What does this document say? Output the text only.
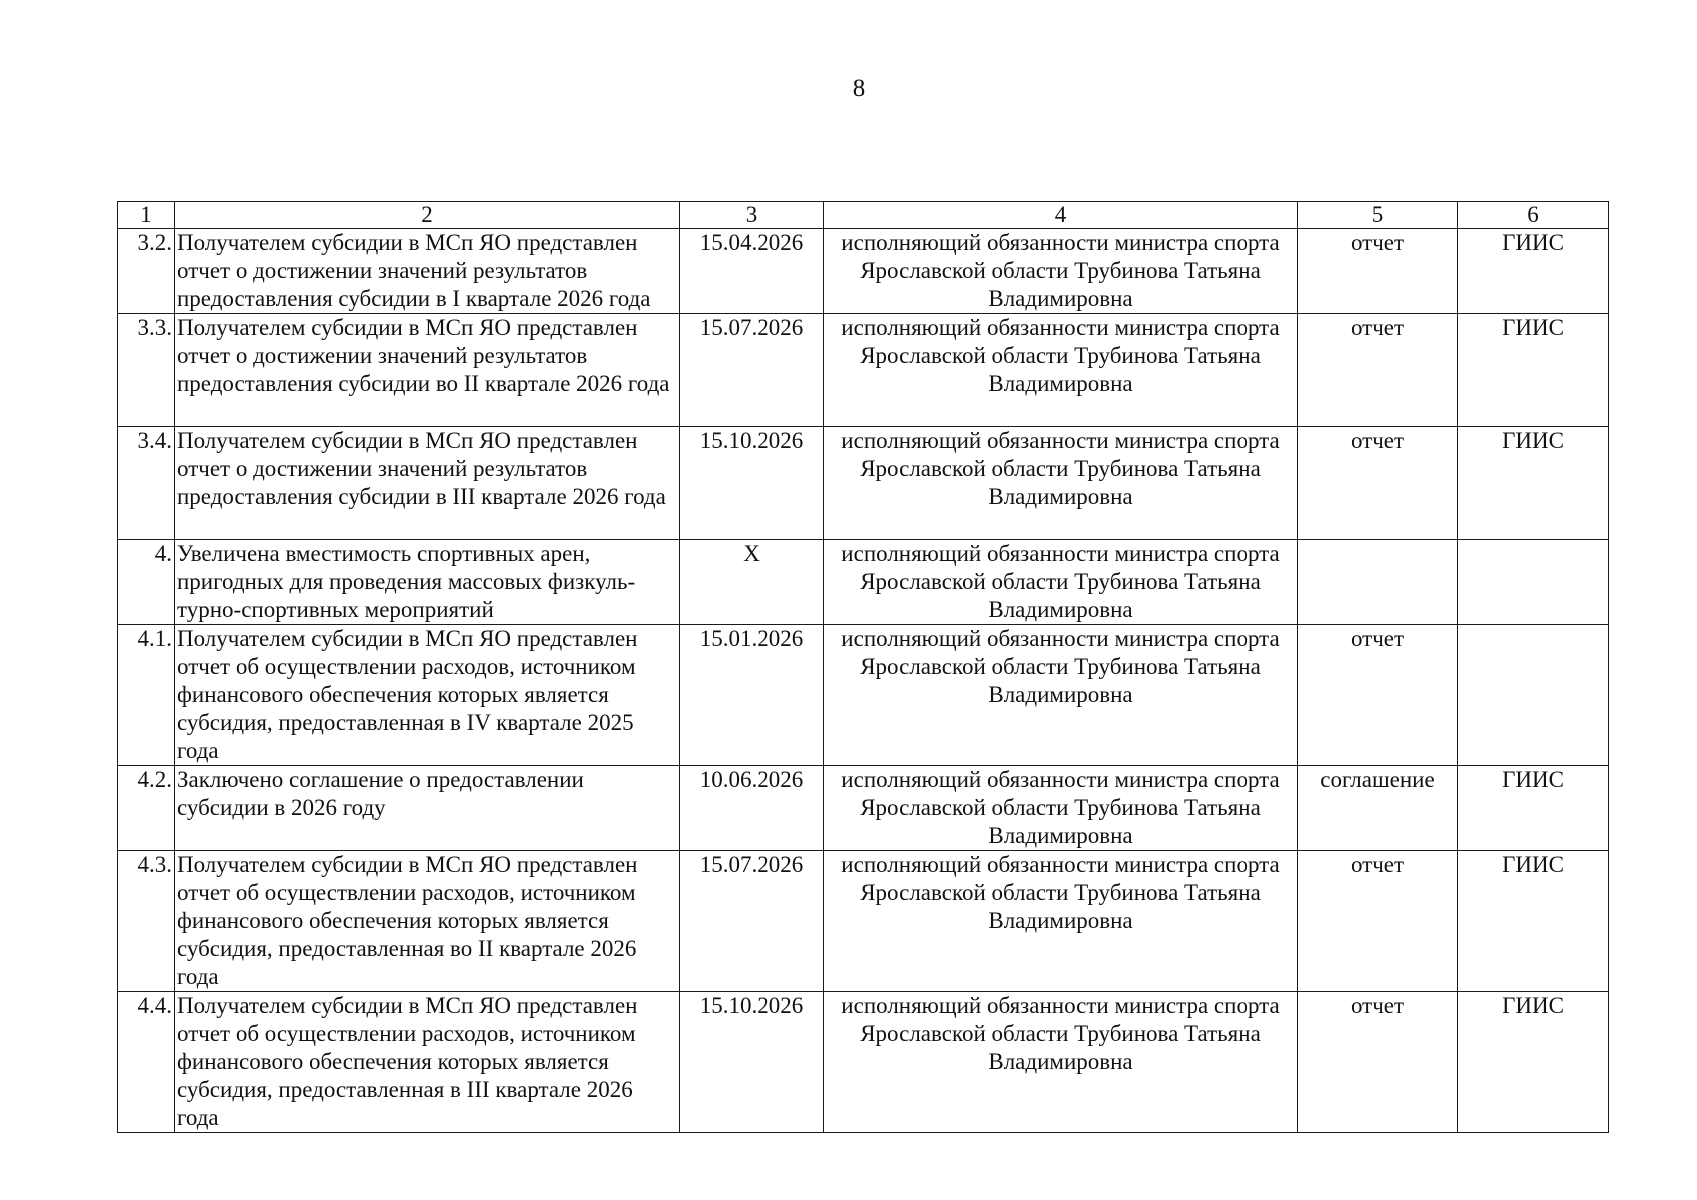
8
1	2	3	4	5	6
3.2.	Получателем субсидии в МСп ЯО представлен отчет о достижении значений результатов предоставления субсидии в I квартале 2026 года	15.04.2026	исполняющий обязанности министра спорта Ярославской области Трубинова Татьяна Владимировна	отчет	ГИИС
3.3.	Получателем субсидии в МСп ЯО представлен отчет о достижении значений результатов предоставления субсидии во II квартале 2026 года	15.07.2026	исполняющий обязанности министра спорта Ярославской области Трубинова Татьяна Владимировна	отчет	ГИИС
3.4.	Получателем субсидии в МСп ЯО представлен отчет о достижении значений результатов предоставления субсидии в III квартале 2026 года	15.10.2026	исполняющий обязанности министра спорта Ярославской области Трубинова Татьяна Владимировна	отчет	ГИИС
4.	Увеличена вместимость спортивных арен, пригодных для проведения массовых физкуль-турно-спортивных мероприятий	Х	исполняющий обязанности министра спорта Ярославской области Трубинова Татьяна Владимировна		
4.1.	Получателем субсидии в МСп ЯО представлен отчет об осуществлении расходов, источником финансового обеспечения которых является субсидия, предоставленная в IV квартале 2025 года	15.01.2026	исполняющий обязанности министра спорта Ярославской области Трубинова Татьяна Владимировна	отчет	
4.2.	Заключено соглашение о предоставлении субсидии в 2026 году	10.06.2026	исполняющий обязанности министра спорта Ярославской области Трубинова Татьяна Владимировна	соглашение	ГИИС
4.3.	Получателем субсидии в МСп ЯО представлен отчет об осуществлении расходов, источником финансового обеспечения которых является субсидия, предоставленная во II квартале 2026 года	15.07.2026	исполняющий обязанности министра спорта Ярославской области Трубинова Татьяна Владимировна	отчет	ГИИС
4.4.	Получателем субсидии в МСп ЯО представлен отчет об осуществлении расходов, источником финансового обеспечения которых является субсидия, предоставленная в III квартале 2026 года	15.10.2026	исполняющий обязанности министра спорта Ярославской области Трубинова Татьяна Владимировна	отчет	ГИИС
